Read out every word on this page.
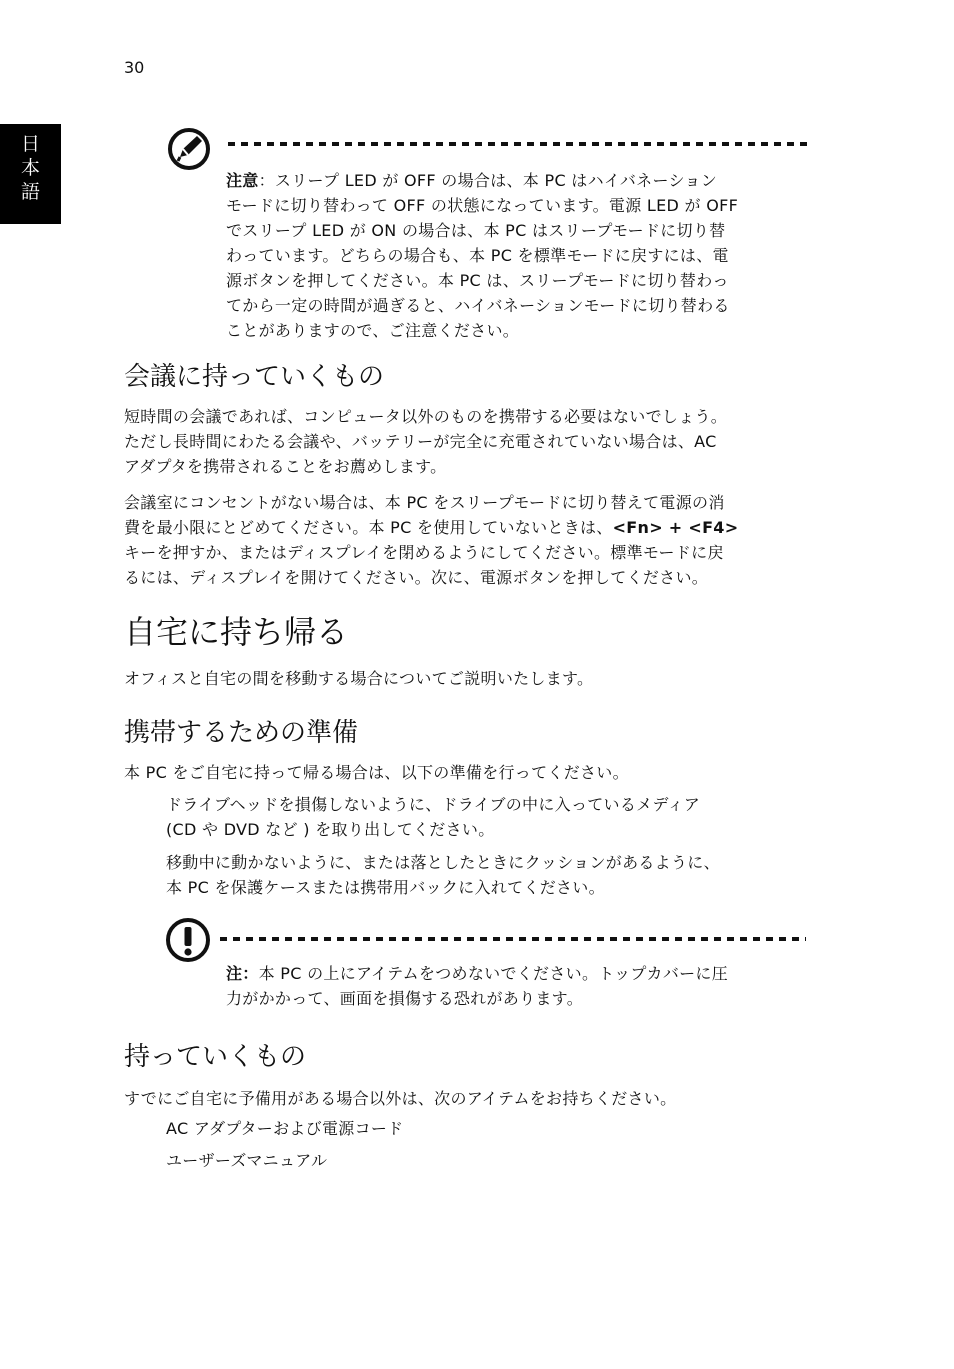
30
日
本
語

注意：スリープ LED が OFF の場合は、本 PC はハイバネーション

モードに切り替わって OFF の状態になっています。電源 LED が OFF

でスリープ LED が ON の場合は、本 PC はスリープモードに切り替

わっています。どちらの場合も、本 PC を標準モードに戻すには、電

源ボタンを押してください。本 PC は、スリープモードに切り替わっ

てから一定の時間が過ぎると、ハイバネーションモードに切り替わる

ことがありますので、ご注意ください。

会議に持っていくもの

短時間の会議であれば、コンピュータ以外のものを携帯する必要はないでしょう。

ただし長時間にわたる会議や、バッテリーが完全に充電されていない場合は、AC

アダプタを携帯されることをお薦めします。

会議室にコンセントがない場合は、本 PC をスリープモードに切り替えて電源の消

費を最小限にとどめてください。本 PC を使用していないときは、<Fn> + <F4>

キーを押すか、またはディスプレイを閉めるようにしてください。標準モードに戻

るには、ディスプレイを開けてください。次に、電源ボタンを押してください。

自宅に持ち帰る

オフィスと自宅の間を移動する場合についてご説明いたします。

携帯するための準備

本 PC をご自宅に持って帰る場合は、以下の準備を行ってください。

ドライブヘッドを損傷しないように、ドライブの中に入っているメディア

(CD や DVD など ) を取り出してください。

移動中に動かないように、または落としたときにクッションがあるように、

本 PC を保護ケースまたは携帯用バックに入れてください。

注：本 PC の上にアイテムをつめないでください。トップカバーに圧

力がかかって、画面を損傷する恐れがあります。

持っていくもの

すでにご自宅に予備用がある場合以外は、次のアイテムをお持ちください。

AC アダプターおよび電源コード

ユーザーズマニュアル
